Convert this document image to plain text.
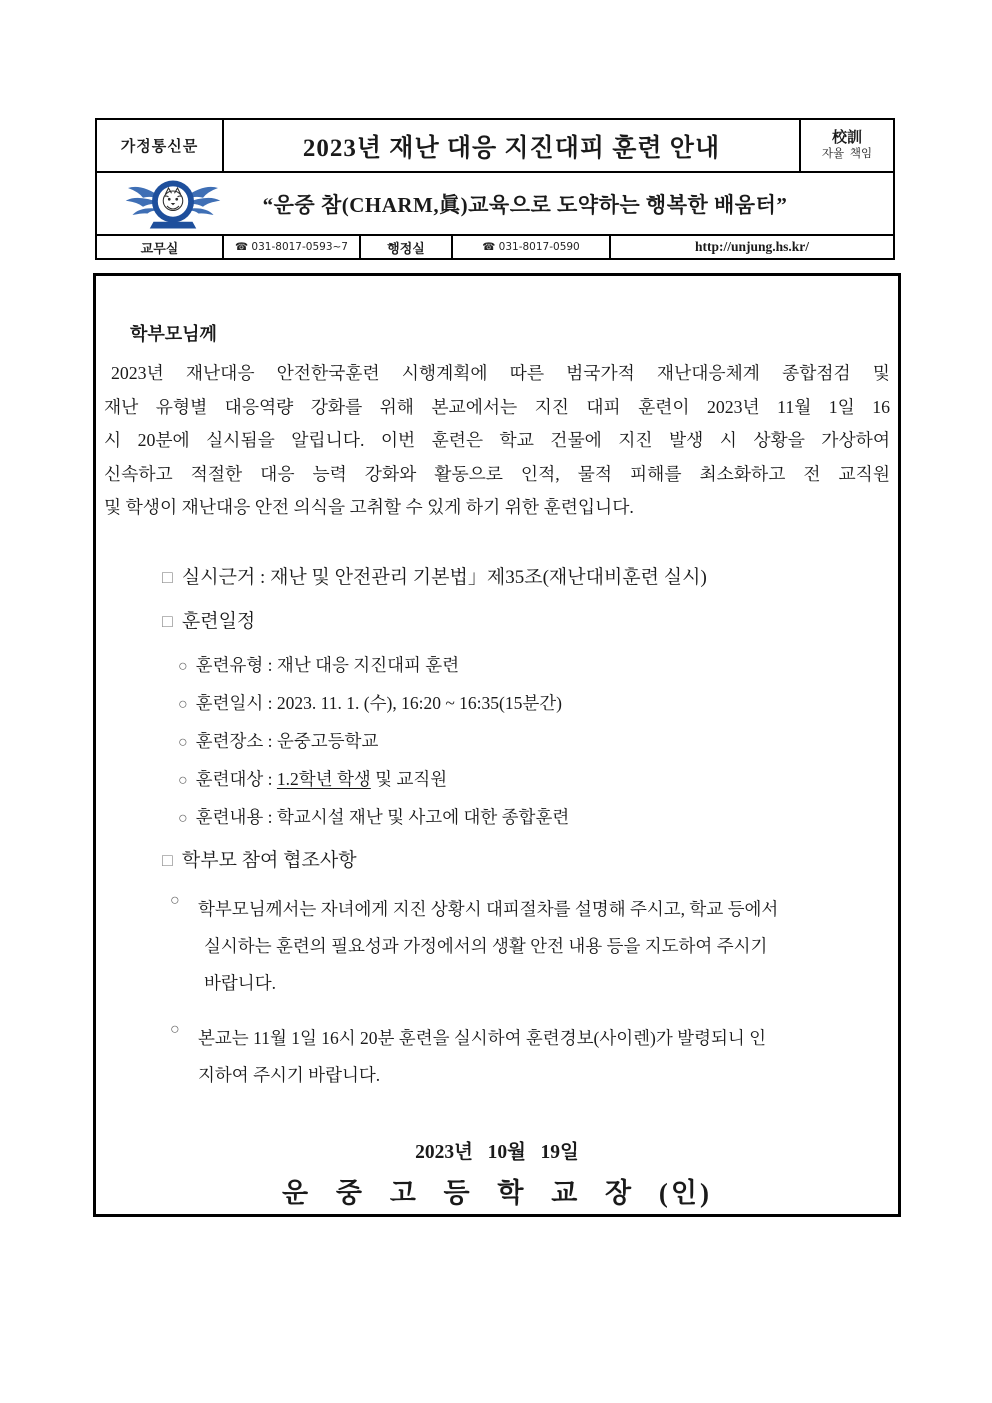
가정통신문	2023년 재난 대응 지진대피 훈련 안내	校訓
자율  책임
“운중 참(CHARM,眞)교육으로 도약하는 행복한 배움터”
교무실	☎ 031-8017-0593~7	행정실	☎ 031-8017-0590	http://unjung.hs.kr/
학부모님께
2023년 재난대응 안전한국훈련 시행계획에 따른 범국가적 재난대응체계 종합점검 및
재난 유형별 대응역량 강화를 위해 본교에서는 지진 대피 훈련이 2023년 11월 1일 16
시 20분에 실시됨을 알립니다. 이번 훈련은 학교 건물에 지진 발생 시 상황을 가상하여
신속하고 적절한 대응 능력 강화와 활동으로 인적, 물적 피해를 최소화하고 전 교직원
및 학생이 재난대응 안전 의식을 고취할 수 있게 하기 위한 훈련입니다.
□ 실시근거 : 재난 및 안전관리 기본법」제35조(재난대비훈련 실시)
□ 훈련일정
○ 훈련유형 : 재난 대응 지진대피 훈련
○ 훈련일시 : 2023. 11. 1. (수), 16:20 ~ 16:35(15분간)
○ 훈련장소 : 운중고등학교
○ 훈련대상 : 1.2학년 학생 및 교직원
○ 훈련내용 : 학교시설 재난 및 사고에 대한 종합훈련
□ 학부모 참여 협조사항
○ 학부모님께서는 자녀에게 지진 상황시 대피절차를 설명해 주시고, 학교 등에서
실시하는 훈련의 필요성과 가정에서의 생활 안전 내용 등을 지도하여 주시기
바랍니다.
○ 본교는 11월 1일 16시 20분 훈련을 실시하여 훈련경보(사이렌)가 발령되니 인
지하여 주시기 바랍니다.
2023년   10월   19일
운 중 고 등 학 교 장 (인)
